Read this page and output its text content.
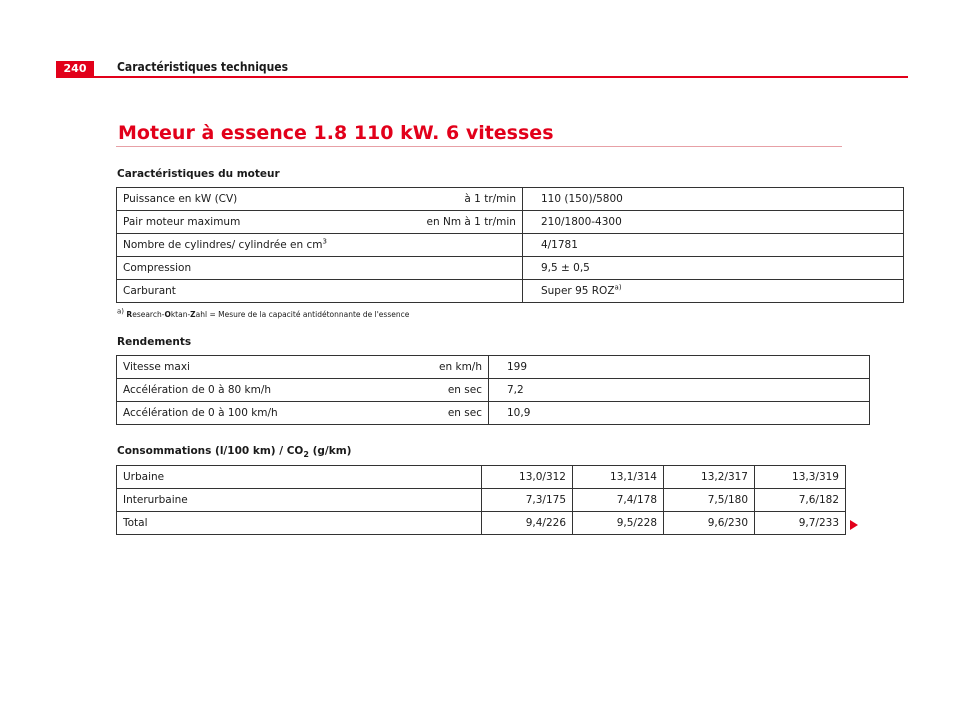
240	Caractéristiques techniques
Moteur à essence 1.8 110 kW. 6 vitesses
Caractéristiques du moteur
Puissance en kW (CV)	à 1 tr/min	110 (150)/5800
Pair moteur maximum	en Nm à 1 tr/min	210/1800-4300
Nombre de cylindres/ cylindrée en $cm^3$		4/1781
Compression		9,5 ± 0,5
Carburant		Super 95 ROZ$^{a)}$
$^{a)}$ Research-Oktan-Zahl = Mesure de la capacité antidétonnante de l'essence
Rendements
Vitesse maxi	en km/h	199
Accélération de 0 à 80 km/h	en sec	7,2
Accélération de 0 à 100 km/h	en sec	10,9
Consommations (l/100 $km) / CO_2$ (g/km)
Urbaine	13,0/312	13,1/314	13,2/317	13,3/319
Interurbaine	7,3/175	7,4/178	7,5/180	7,6/182
Total	9,4/226	9,5/228	9,6/230	9,7/233
